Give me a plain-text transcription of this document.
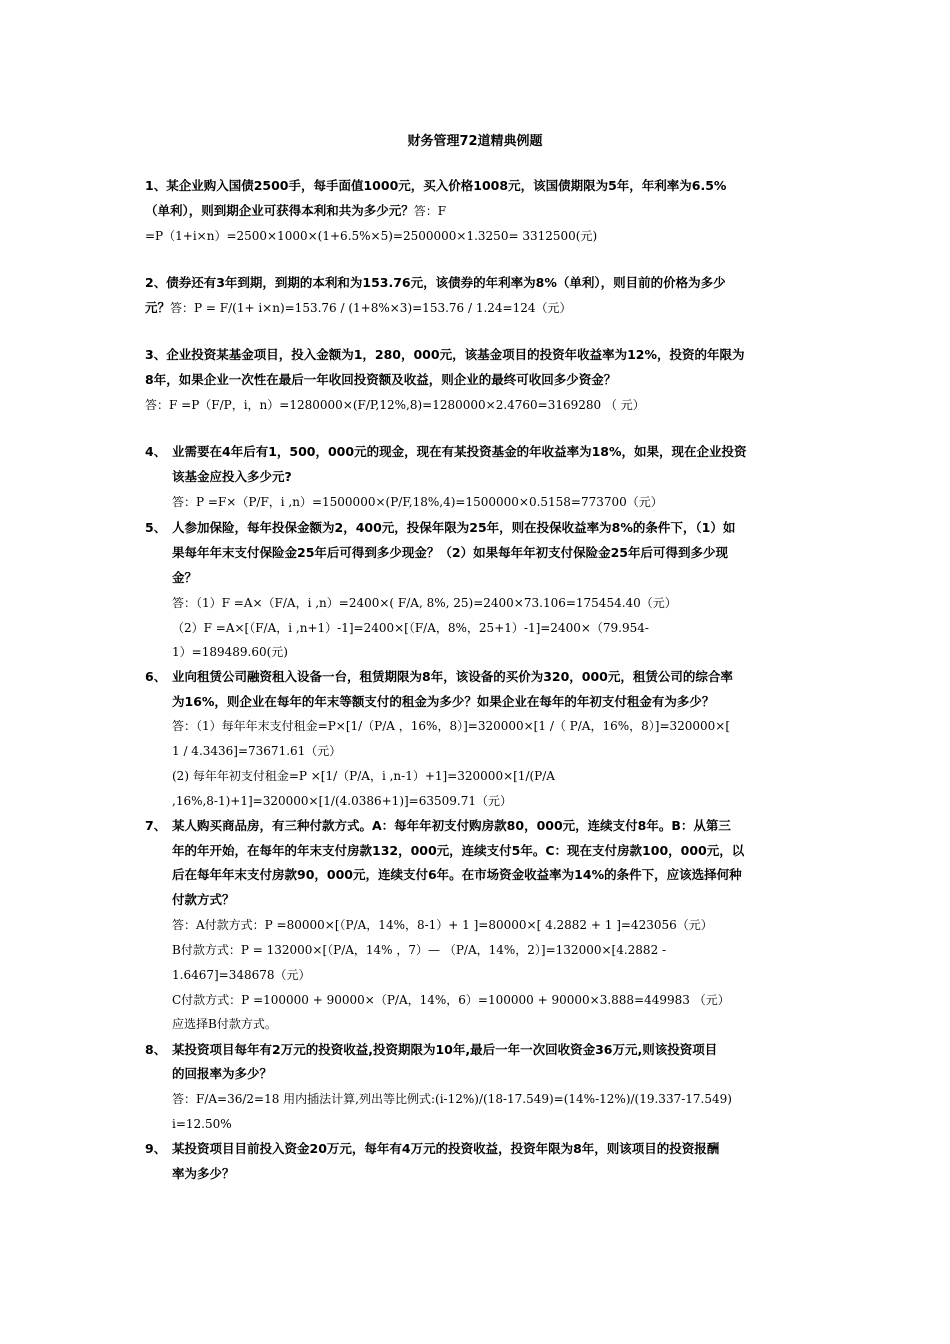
财务管理72道精典例题
1、某企业购入国债2500手，每手面值1000元，买入价格1008元，该国债期限为5年，年利率为6.5%
（单利），则到期企业可获得本利和共为多少元？答：F
=P（1+i×n）=2500×1000×(1+6.5%×5)=2500000×1.3250= 3312500(元)
2、债券还有3年到期，到期的本利和为153.76元，该债券的年利率为8%（单利），则目前的价格为多少
元？答：P = F/(1+ i×n)=153.76 / (1+8%×3)=153.76 / 1.24=124（元）
3、企业投资某基金项目，投入金额为1，280，000元，该基金项目的投资年收益率为12%，投资的年限为
8年，如果企业一次性在最后一年收回投资额及收益，则企业的最终可收回多少资金？
答：F =P（F/P，i，n）=1280000×(F/P,12%,8)=1280000×2.4760=3169280 （ 元）
4、 业需要在4年后有1，500，000元的现金，现在有某投资基金的年收益率为18%，如果，现在企业投资
该基金应投入多少元?
答：P =F×（P/F，i ,n）=1500000×(P/F,18%,4)=1500000×0.5158=773700（元）
5、 人参加保险，每年投保金额为2，400元，投保年限为25年，则在投保收益率为8%的条件下，（1）如
果每年年末支付保险金25年后可得到多少现金？（2）如果每年年初支付保险金25年后可得到多少现
金？
答：（1）F =A×（F/A，i ,n）=2400×( F/A, 8%, 25)=2400×73.106=175454.40（元）
（2）F =A×[（F/A，i ,n+1）-1]=2400×[（F/A，8%，25+1）-1]=2400×（79.954-
1）=189489.60(元)
6、 业向租赁公司融资租入设备一台，租赁期限为8年，该设备的买价为320，000元，租赁公司的综合率
为16%，则企业在每年的年末等额支付的租金为多少？如果企业在每年的年初支付租金有为多少？
答：（1）每年年末支付租金=P×[1/（P/A ，16%，8）]=320000×[1 /（ P/A，16%，8）]=320000×[
1 / 4.3436]=73671.61（元）
(2) 每年年初支付租金=P ×[1/（P/A，i ,n-1）+1]=320000×[1/(P/A
,16%,8-1)+1]=320000×[1/(4.0386+1)]=63509.71（元）
7、 某人购买商品房，有三种付款方式。A：每年年初支付购房款80，000元，连续支付8年。B：从第三
年的年开始，在每年的年末支付房款132，000元，连续支付5年。C：现在支付房款100，000元，以
后在每年年末支付房款90，000元，连续支付6年。在市场资金收益率为14%的条件下，应该选择何种
付款方式？
答：A付款方式：P =80000×[（P/A，14%，8-1）+ 1 ]=80000×[ 4.2882 + 1 ]=423056（元）
B付款方式：P = 132000×[（P/A，14% ，7）— （P/A，14%，2）]=132000×[4.2882 -
1.6467]=348678（元）
C付款方式：P =100000 + 90000×（P/A，14%，6）=100000 + 90000×3.888=449983 （元）
应选择B付款方式。
8、 某投资项目每年有2万元的投资收益,投资期限为10年,最后一年一次回收资金36万元,则该投资项目
的回报率为多少？
答：F/A=36/2=18 用内插法计算,列出等比例式:(i-12%)/(18-17.549)=(14%-12%)/(19.337-17.549)
i=12.50%
9、 某投资项目目前投入资金20万元，每年有4万元的投资收益，投资年限为8年，则该项目的投资报酬
率为多少？
